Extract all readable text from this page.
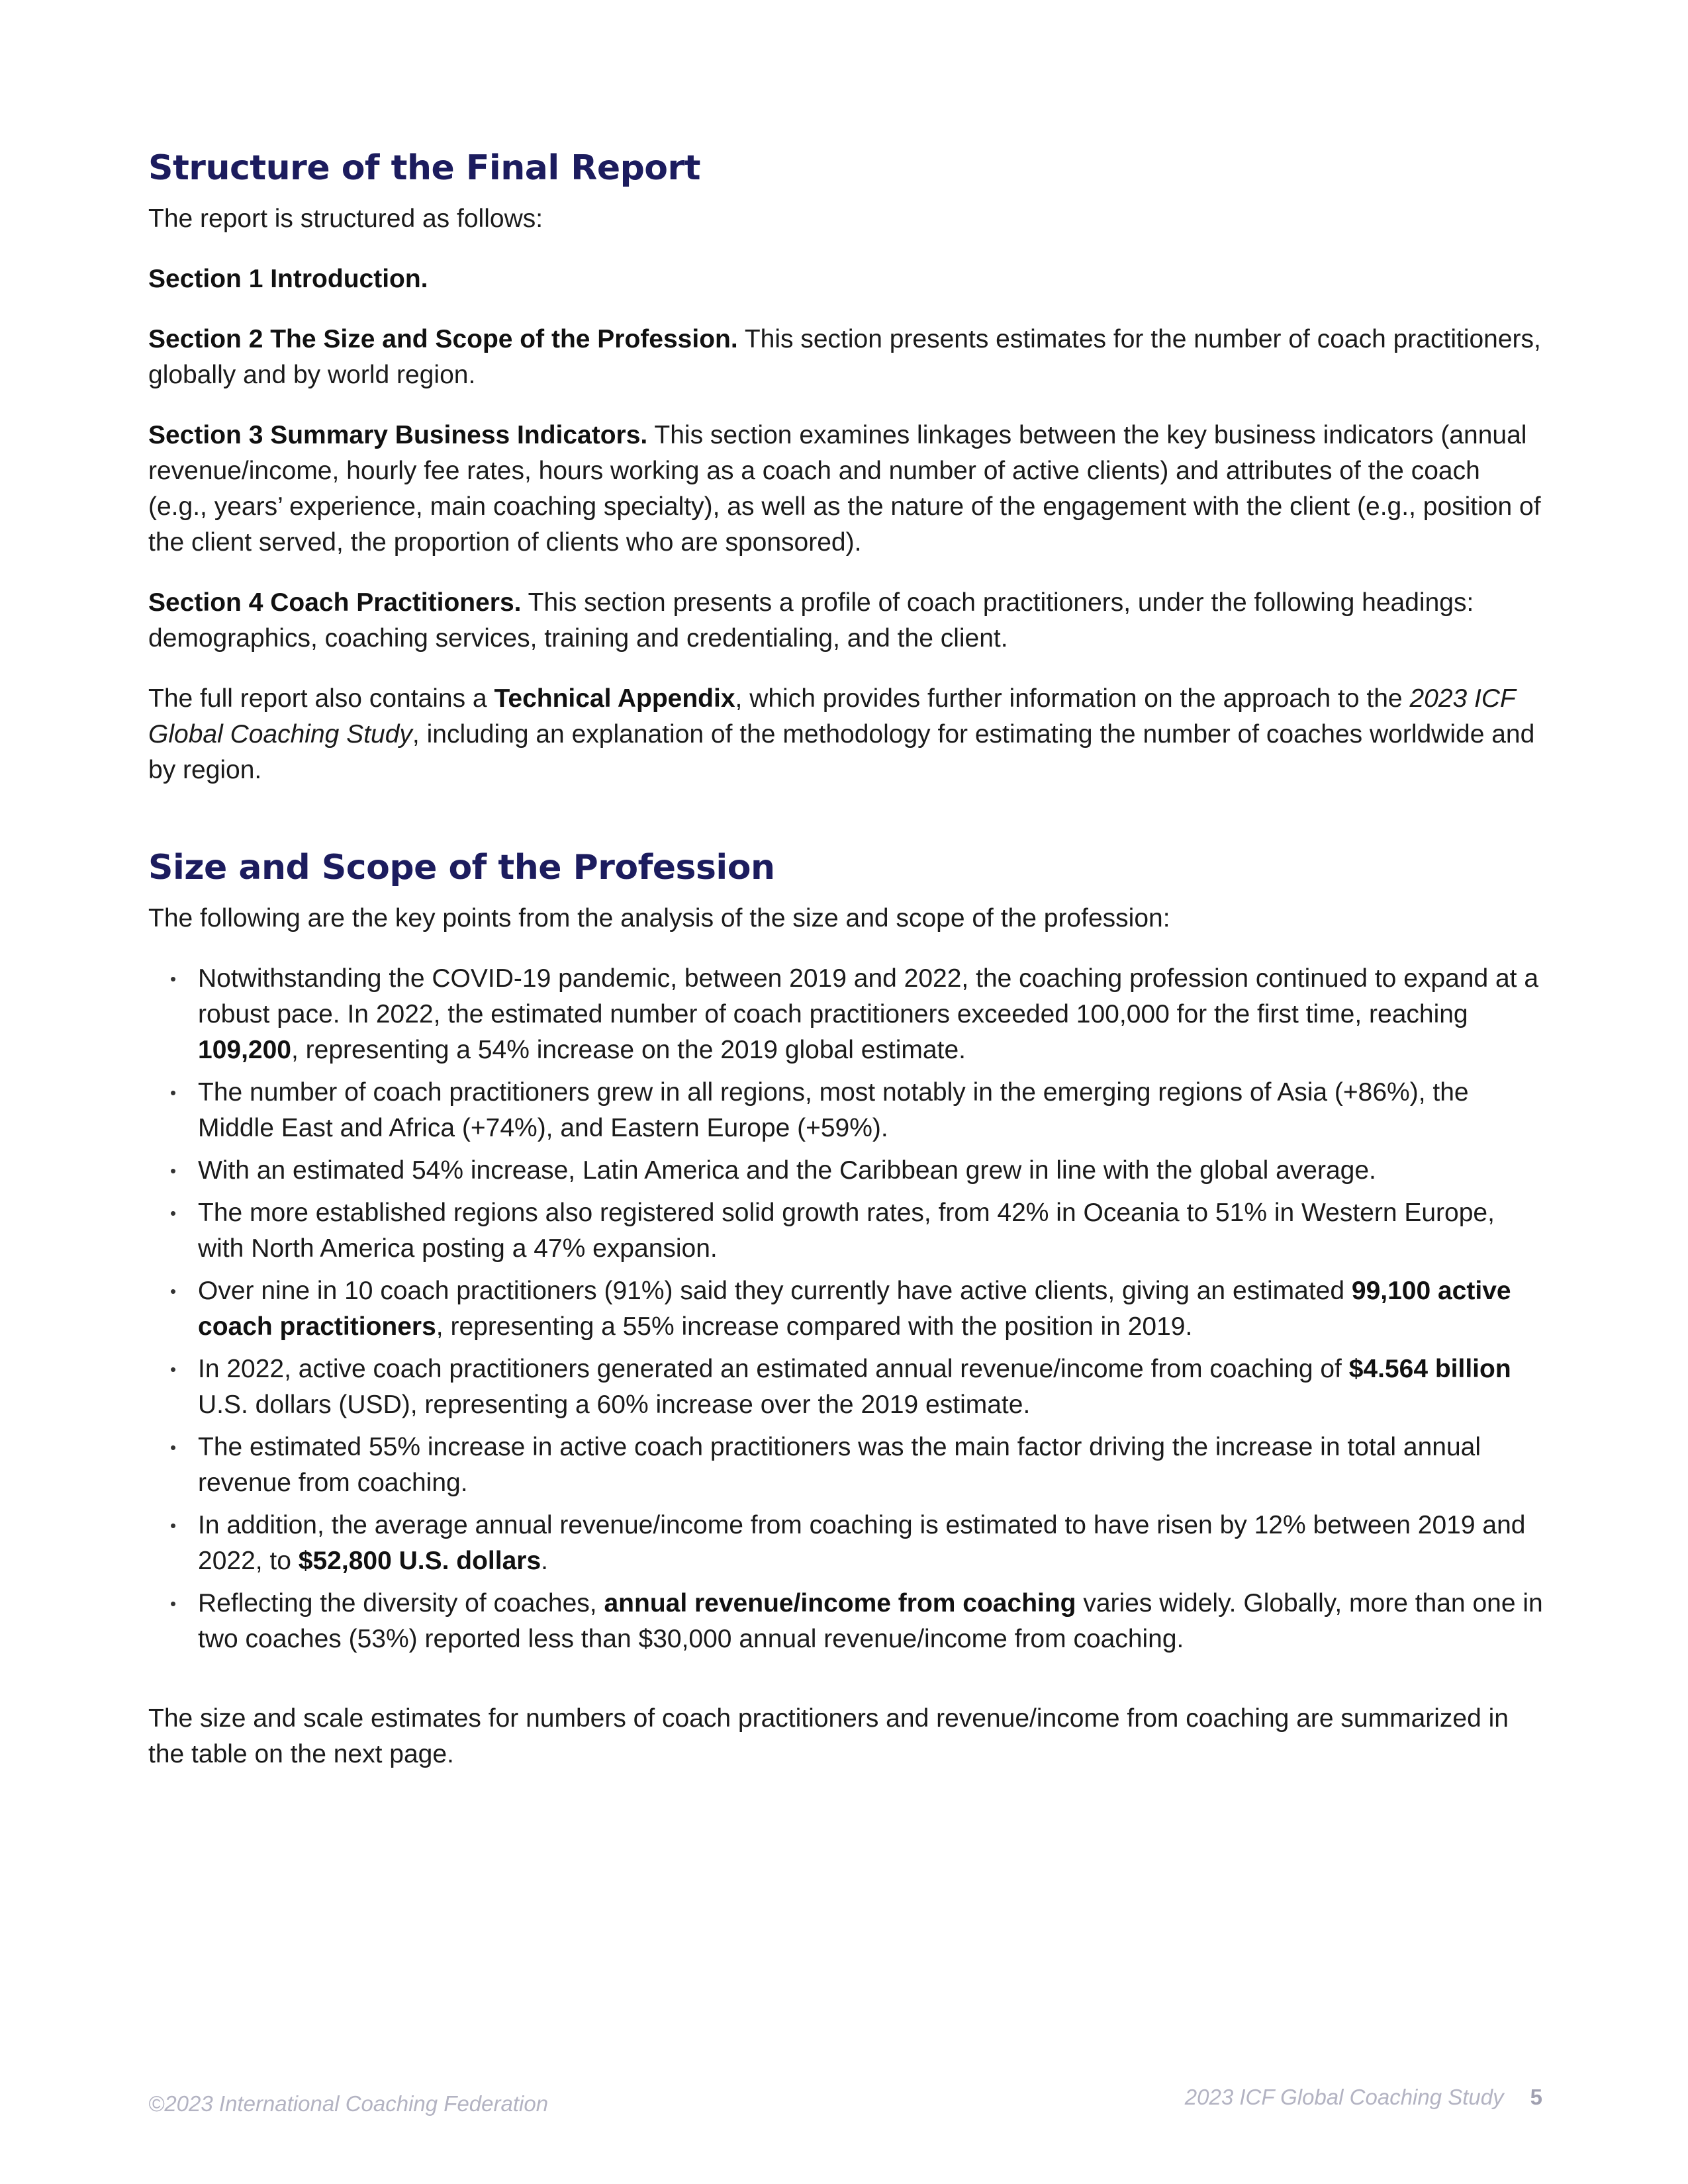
Structure of the Final Report

The report is structured as follows:

Section 1 Introduction.

Section 2 The Size and Scope of the Profession. This section presents estimates for the number of coach practitioners, globally and by world region.

Section 3 Summary Business Indicators. This section examines linkages between the key business indicators (annual revenue/income, hourly fee rates, hours working as a coach and number of active clients) and attributes of the coach (e.g., years’ experience, main coaching specialty), as well as the nature of the engagement with the client (e.g., position of the client served, the proportion of clients who are sponsored).

Section 4 Coach Practitioners. This section presents a profile of coach practitioners, under the following headings: demographics, coaching services, training and credentialing, and the client.

The full report also contains a Technical Appendix, which provides further information on the approach to the 2023 ICF Global Coaching Study, including an explanation of the methodology for estimating the number of coaches worldwide and by region.

Size and Scope of the Profession

The following are the key points from the analysis of the size and scope of the profession:

• Notwithstanding the COVID-19 pandemic, between 2019 and 2022, the coaching profession continued to expand at a robust pace. In 2022, the estimated number of coach practitioners exceeded 100,000 for the first time, reaching 109,200, representing a 54% increase on the 2019 global estimate.
• The number of coach practitioners grew in all regions, most notably in the emerging regions of Asia (+86%), the Middle East and Africa (+74%), and Eastern Europe (+59%).
• With an estimated 54% increase, Latin America and the Caribbean grew in line with the global average.
• The more established regions also registered solid growth rates, from 42% in Oceania to 51% in Western Europe, with North America posting a 47% expansion.
• Over nine in 10 coach practitioners (91%) said they currently have active clients, giving an estimated 99,100 active coach practitioners, representing a 55% increase compared with the position in 2019.
• In 2022, active coach practitioners generated an estimated annual revenue/income from coaching of $4.564 billion U.S. dollars (USD), representing a 60% increase over the 2019 estimate.
• The estimated 55% increase in active coach practitioners was the main factor driving the increase in total annual revenue from coaching.
• In addition, the average annual revenue/income from coaching is estimated to have risen by 12% between 2019 and 2022, to $52,800 U.S. dollars.
• Reflecting the diversity of coaches, annual revenue/income from coaching varies widely. Globally, more than one in two coaches (53%) reported less than $30,000 annual revenue/income from coaching.

The size and scale estimates for numbers of coach practitioners and revenue/income from coaching are summarized in the table on the next page.

©2023 International Coaching Federation	2023 ICF Global Coaching Study 5
